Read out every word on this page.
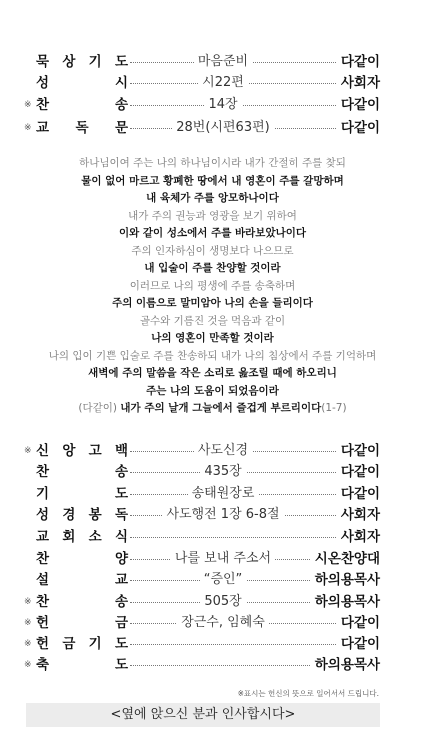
묵 상 기 도	마음준비	다같이
성	시	시22편	사회자
※ 찬	송	14장	다같이
※ 교 독 문	28번(시편63편)	다같이
※ 신 앙 고 백	사도신경	다같이
찬	송	435장	다같이
기	도	송태원장로	다같이
성 경 봉 독	사도행전 1장 6-8절	사회자
교 회 소 식	사회자
찬	양	나를 보내 주소서	시온찬양대
설	교	“증인”	하의용목사
※ 찬	송	505장	하의용목사
※ 헌	금	장근수, 임혜숙	다같이
※ 헌 금 기 도	다같이
※ 축	도	하의용목사
하나님이여 주는 나의 하나님이시라 내가 간절히 주를 찾되
물이 없어 마르고 황폐한 땅에서 내 영혼이 주를 갈망하며
내 육체가 주를 앙모하나이다
내가 주의 권능과 영광을 보기 위하여
이와 같이 성소에서 주를 바라보았나이다
주의 인자하심이 생명보다 나으므로
내 입술이 주를 찬양할 것이라
이러므로 나의 평생에 주를 송축하며
주의 이름으로 말미암아 나의 손을 들리이다
골수와 기름진 것을 먹음과 같이
나의 영혼이 만족할 것이라
나의 입이 기쁜 입술로 주를 찬송하되 내가 나의 침상에서 주를 기억하며
새벽에 주의 말씀을 작은 소리로 읊조릴 때에 하오리니
주는 나의 도움이 되었음이라
(다같이) 내가 주의 날개 그늘에서 즐겁게 부르리이다(1-7)
※표시는 헌신의 뜻으로 일어서서 드립니다.
<옆에 앉으신 분과 인사합시다>
